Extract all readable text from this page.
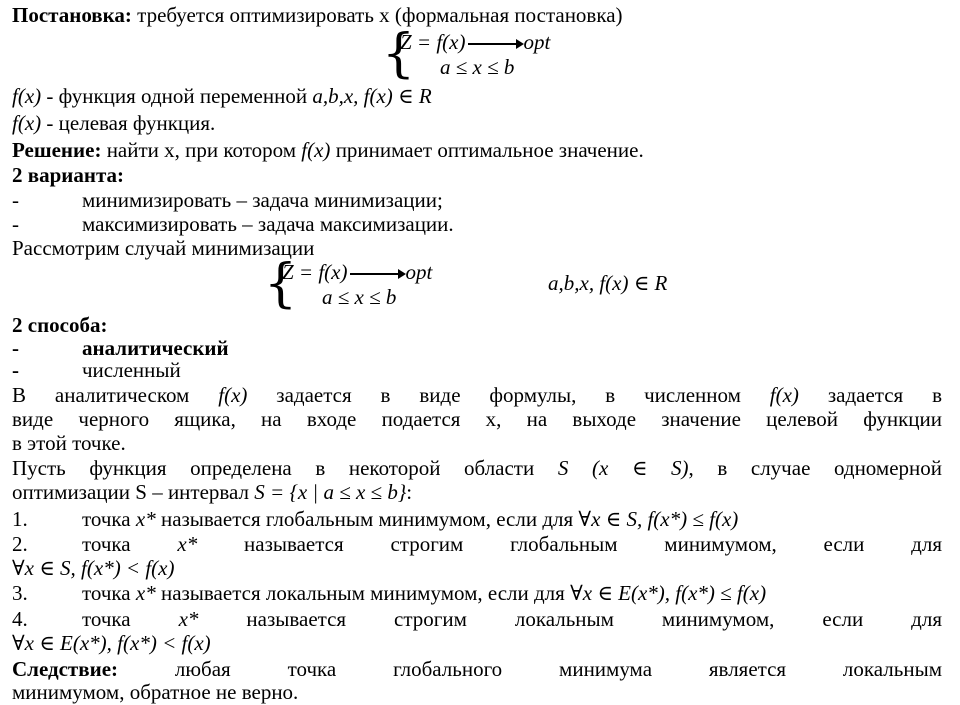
Постановка: требуется оптимизировать x (формальная постановка)
{
Z = f(x)	opt
a ≤ x ≤ b
f(x) - функция одной переменной a,b,x, f(x) ∈ R
f(x) - целевая функция.
Решение: найти x, при котором f(x) принимает оптимальное значение.
2 варианта:
-	минимизировать – задача минимизации;
-	максимизировать – задача максимизации.
Рассмотрим случай минимизации
{
Z = f(x)	opt
a ≤ x ≤ b
a,b,x, f(x) ∈ R
2 способа:
-	аналитический
-	численный
В аналитическом f(x) задается в виде формулы, в численном f(x) задается в
виде черного ящика, на входе подается x, на выходе значение целевой функции
в этой точке.
Пусть функция определена в некоторой области S (x ∈ S), в случае одномерной
оптимизации S – интервал S = {x | a ≤ x ≤ b}:
1.	точка x* называется глобальным минимумом, если для ∀x ∈ S, f(x*) ≤ f(x)
2.	точка x* называется строгим глобальным минимумом, если для
∀x ∈ S, f(x*) < f(x)
3.	точка x* называется локальным минимумом, если для ∀x ∈ E(x*), f(x*) ≤ f(x)
4.	точка x* называется строгим локальным минимумом, если для
∀x ∈ E(x*), f(x*) < f(x)
Следствие: любая точка глобального минимума является локальным
минимумом, обратное не верно.
